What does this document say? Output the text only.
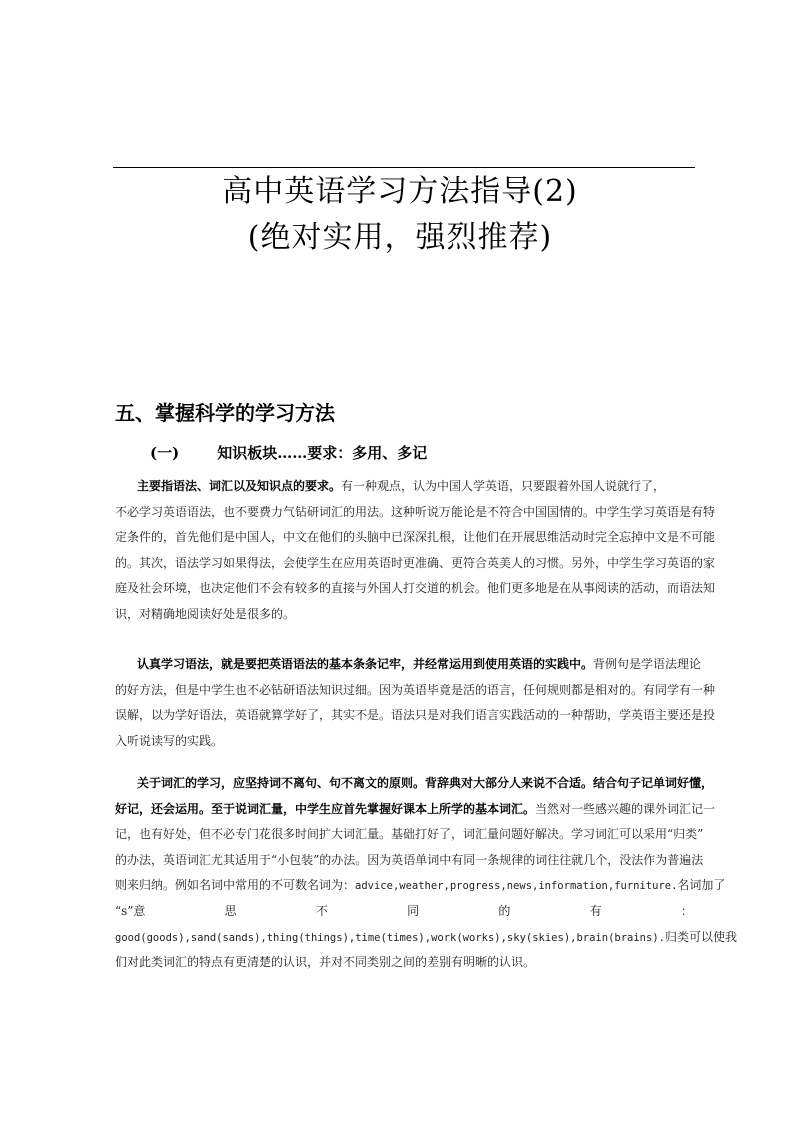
高中英语学习方法指导(2)
(绝对实用，强烈推荐)
五、掌握科学的学习方法
(一)	知识板块……要求：多用、多记
主要指语法、词汇以及知识点的要求。有一种观点，认为中国人学英语，只要跟着外国人说就行了，
不必学习英语语法，也不要费力气钻研词汇的用法。这种听说万能论是不符合中国国情的。中学生学习英语是有特
定条件的，首先他们是中国人，中文在他们的头脑中已深深扎根，让他们在开展思维活动时完全忘掉中文是不可能
的。其次，语法学习如果得法，会使学生在应用英语时更准确、更符合英美人的习惯。另外，中学生学习英语的家
庭及社会环境，也决定他们不会有较多的直接与外国人打交道的机会。他们更多地是在从事阅读的活动，而语法知
识，对精确地阅读好处是很多的。
认真学习语法，就是要把英语语法的基本条条记牢，并经常运用到使用英语的实践中。背例句是学语法理论
的好方法，但是中学生也不必钻研语法知识过细。因为英语毕竟是活的语言，任何规则都是相对的。有同学有一种
误解，以为学好语法，英语就算学好了，其实不是。语法只是对我们语言实践活动的一种帮助，学英语主要还是投
入听说读写的实践。
关于词汇的学习，应坚持词不离句、句不离文的原则。背辞典对大部分人来说不合适。结合句子记单词好懂，
好记，还会运用。至于说词汇量，中学生应首先掌握好课本上所学的基本词汇。当然对一些感兴趣的课外词汇记一
记，也有好处，但不必专门花很多时间扩大词汇量。基础打好了，词汇量问题好解决。学习词汇可以采用“归类”
的办法，英语词汇尤其适用于“小包装”的办法。因为英语单词中有同一条规律的词往往就几个，没法作为普遍法
则来归纳。例如名词中常用的不可数名词为：advice,weather,progress,news,information,furniture.名词加了
“s”意	思	不	同	的	有	：
good(goods),sand(sands),thing(things),time(times),work(works),sky(skies),brain(brains).归类可以使我
们对此类词汇的特点有更清楚的认识，并对不同类别之间的差别有明晰的认识。
